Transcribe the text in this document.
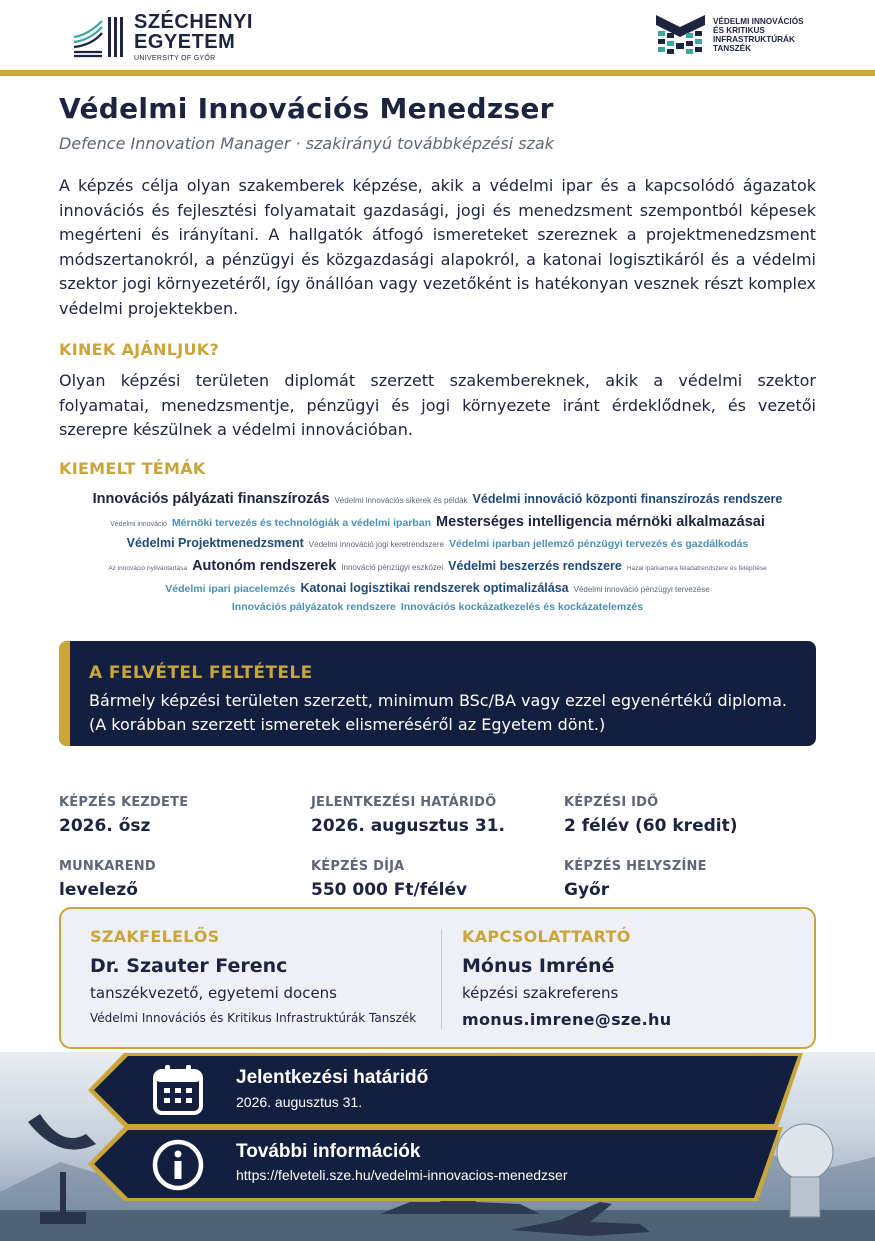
SZÉCHENYI
EGYETEM
UNIVERSITY OF GYŐR
VÉDELMI INNOVÁCIÓS
ÉS KRITIKUS
INFRASTRUKTÚRÁK
TANSZÉK
Védelmi Innovációs Menedzser
Defence Innovation Manager · szakirányú továbbképzési szak
A képzés célja olyan szakemberek képzése, akik a védelmi ipar és a kapcsolódó ágazatok innovációs és fejlesztési folyamatait gazdasági, jogi és menedzsment szempontból képesek megérteni és irányítani. A hallgatók átfogó ismereteket szereznek a projektmenedzsment módszertanokról, a pénzügyi és közgazdasági alapokról, a katonai logisztikáról és a védelmi szektor jogi környezetéről, így önállóan vagy vezetőként is hatékonyan vesznek részt komplex védelmi projektekben.
KINEK AJÁNLJUK?
Olyan képzési területen diplomát szerzett szakembereknek, akik a védelmi szektor folyamatai, menedzsmentje, pénzügyi és jogi környezete iránt érdeklődnek, és vezetői szerepre készülnek a védelmi innovációban.
KIEMELT TÉMÁK
Innovációs pályázati finanszírozás Védelmi innovációs sikerek és példák Védelmi innováció központi finanszírozás rendszere
Védelmi innováció Mérnöki tervezés és technológiák a védelmi iparban Mesterséges intelligencia mérnöki alkalmazásai
Védelmi Projektmenedzsment Védelmi innováció jogi keretrendszere Védelmi iparban jellemző pénzügyi tervezés és gazdálkodás
Az innováció nyilvántartása Autonóm rendszerek Innováció pénzügyi eszközei Védelmi beszerzés rendszere Hazai iparkamara feladatrendszere és felépítése
Védelmi ipari piacelemzés Katonai logisztikai rendszerek optimalizálása Védelmi innováció pénzügyi tervezése
Innovációs pályázatok rendszere Innovációs kockázatkezelés és kockázatelemzés
A FELVÉTEL FELTÉTELE
Bármely képzési területen szerzett, minimum BSc/BA vagy ezzel egyenértékű diploma. (A korábban szerzett ismeretek elismeréséről az Egyetem dönt.)
KÉPZÉS KEZDETE
2026. ősz
JELENTKEZÉSI HATÁRIDŐ
2026. augusztus 31.
KÉPZÉSI IDŐ
2 félév (60 kredit)
MUNKAREND
levelező
KÉPZÉS DÍJA
550 000 Ft/félév
KÉPZÉS HELYSZÍNE
Győr
SZAKFELELŐS
Dr. Szauter Ferenc
tanszékvezető, egyetemi docens
Védelmi Innovációs és Kritikus Infrastruktúrák Tanszék
KAPCSOLATTARTÓ
Mónus Imréné
képzési szakreferens
monus.imrene@sze.hu
Jelentkezési határidő
2026. augusztus 31.
További információk
https://felveteli.sze.hu/vedelmi-innovacios-menedzser
